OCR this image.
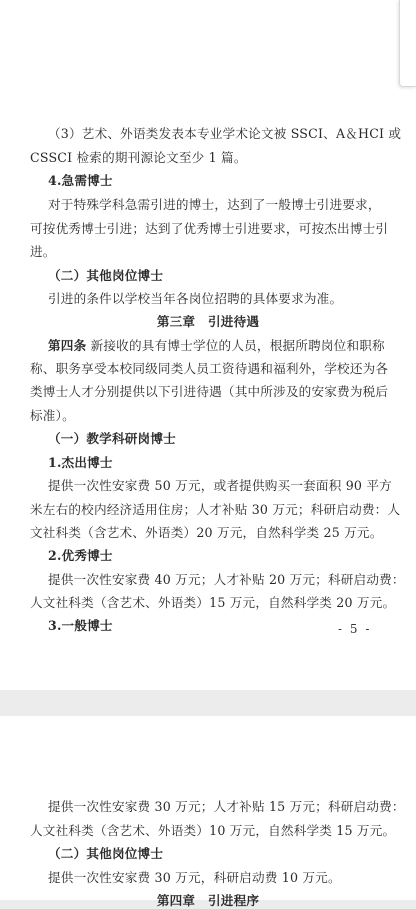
（3）艺术、外语类发表本专业学术论文被 SSCI、A＆HCI 或
CSSCI 检索的期刊源论文至少 1 篇。
4.急需博士
对于特殊学科急需引进的博士，达到了一般博士引进要求，
可按优秀博士引进；达到了优秀博士引进要求，可按杰出博士引
进。
（二）其他岗位博士
引进的条件以学校当年各岗位招聘的具体要求为准。
第三章　引进待遇
第四条 新接收的具有博士学位的人员，根据所聘岗位和职称
称、职务享受本校同级同类人员工资待遇和福利外，学校还为各
类博士人才分别提供以下引进待遇（其中所涉及的安家费为税后
标准）。
（一）教学科研岗博士
1.杰出博士
提供一次性安家费 50 万元，或者提供购买一套面积 90 平方
米左右的校内经济适用住房；人才补贴 30 万元；科研启动费：人
文社科类（含艺术、外语类）20 万元，自然科学类 25 万元。
2.优秀博士
提供一次性安家费 40 万元；人才补贴 20 万元；科研启动费：
人文社科类（含艺术、外语类）15 万元，自然科学类 20 万元。
3.一般博士	- 5 -
提供一次性安家费 30 万元；人才补贴 15 万元；科研启动费：
人文社科类（含艺术、外语类）10 万元，自然科学类 15 万元。
（二）其他岗位博士
提供一次性安家费 30 万元，科研启动费 10 万元。
第四章　引进程序
